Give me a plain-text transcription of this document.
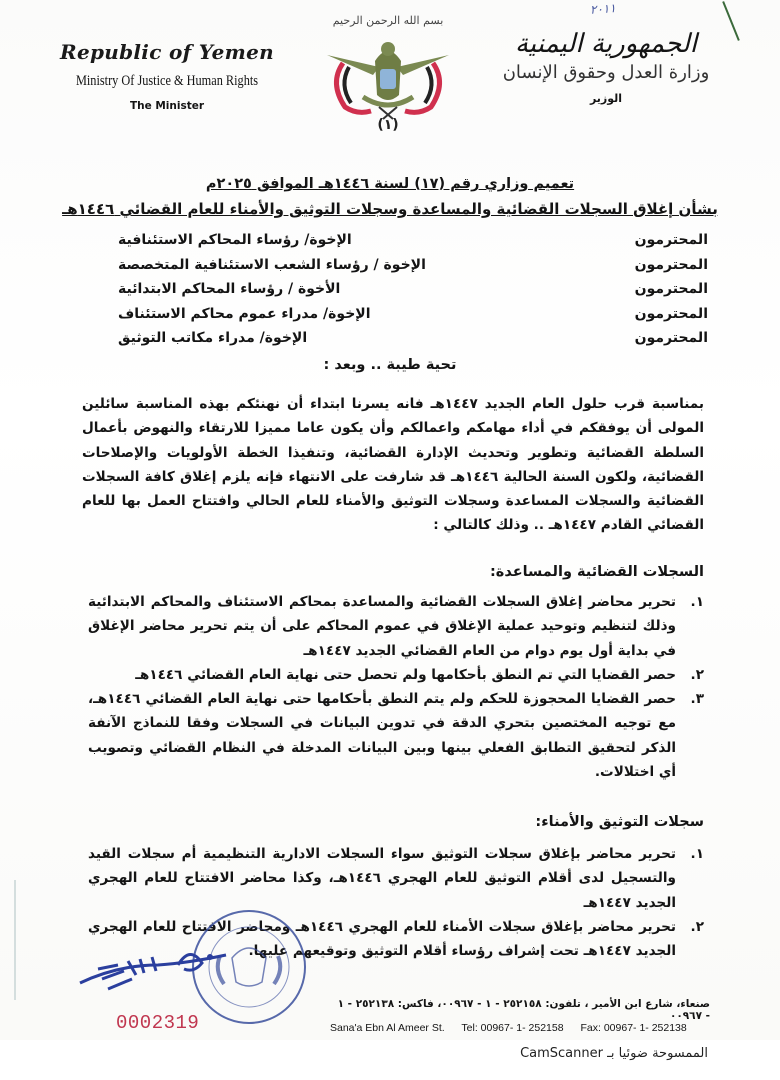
٢٠١١
Republic of Yemen
Ministry Of Justice & Human Rights
The Minister
بسم الله الرحمن الرحيم
(١)
الجمهورية اليمنية
وزارة العدل وحقوق الإنسان
الوزير
تعميم وزاري رقم (١٧) لسنة ١٤٤٦هـ الموافق ٢٠٢٥م
بشأن إغلاق السجلات القضائية والمساعدة وسجلات التوثيق والأمناء للعام القضائي ١٤٤٦هـ
الإخوة/ رؤساء المحاكم الاستئنافية	المحترمون
الإخوة / رؤساء الشعب الاستئنافية المتخصصة	المحترمون
الأخوة / رؤساء المحاكم الابتدائية	المحترمون
الإخوة/ مدراء عموم محاكم الاستئناف	المحترمون
الإخوة/ مدراء مكاتب التوثيق	المحترمون
تحية طيبة .. وبعد :
بمناسبة قرب حلول العام الجديد ١٤٤٧هـ فانه يسرنا ابتداء أن نهنئكم بهذه المناسبة سائلين المولى أن يوفقكم في أداء مهامكم واعمالكم وأن يكون عاما مميزا للارتقاء والنهوض بأعمال السلطة القضائية وتطوير وتحديث الإدارة القضائية، وتنفيذا الخطة الأولويات والإصلاحات القضائية، ولكون السنة الحالية ١٤٤٦هـ قد شارفت على الانتهاء فإنه يلزم إغلاق كافة السجلات القضائية والسجلات المساعدة وسجلات التوثيق والأمناء للعام الحالي وافتتاح العمل بها للعام القضائي القادم ١٤٤٧هـ .. وذلك كالتالي :
السجلات القضائية والمساعدة:
١.
تحرير محاضر إغلاق السجلات القضائية والمساعدة بمحاكم الاستئناف والمحاكم الابتدائية وذلك لتنظيم وتوحيد عملية الإغلاق في عموم المحاكم على أن يتم تحرير محاضر الإغلاق في بداية أول يوم دوام من العام القضائي الجديد ١٤٤٧هـ
٢.
حصر القضايا التي تم النطق بأحكامها ولم تحصل حتى نهاية العام القضائي ١٤٤٦هـ
٣.
حصر القضايا المحجوزة للحكم ولم يتم النطق بأحكامها حتى نهاية العام القضائي ١٤٤٦هـ، مع توجيه المختصين بتحري الدقة في تدوين البيانات في السجلات وفقا للنماذج الآنفة الذكر لتحقيق التطابق الفعلي بينها وبين البيانات المدخلة في النظام القضائي وتصويب أي اختلالات.
سجلات التوثيق والأمناء:
١.
تحرير محاضر بإغلاق سجلات التوثيق سواء السجلات الادارية التنظيمية أم سجلات القيد والتسجيل لدى أقلام التوثيق للعام الهجري ١٤٤٦هـ، وكذا محاضر الافتتاح للعام الهجري الجديد ١٤٤٧هـ
٢.
تحرير محاضر بإغلاق سجلات الأمناء للعام الهجري ١٤٤٦هـ ومحاضر الافتتاح للعام الهجري الجديد ١٤٤٧هـ تحت إشراف رؤساء أقلام التوثيق وتوقيعهم عليها.
0002319
صنعاء، شارع ابن الأمير ، تلفون: ٢٥٢١٥٨ - ١ - ٠٠٩٦٧، فاكس: ٢٥٢١٣٨ - ١ - ٠٠٩٦٧
Sana'a Ebn Al Ameer St. Tel: 00967- 1- 252158 Fax: 00967- 1- 252138
الممسوحة ضوئيا بـ CamScanner
